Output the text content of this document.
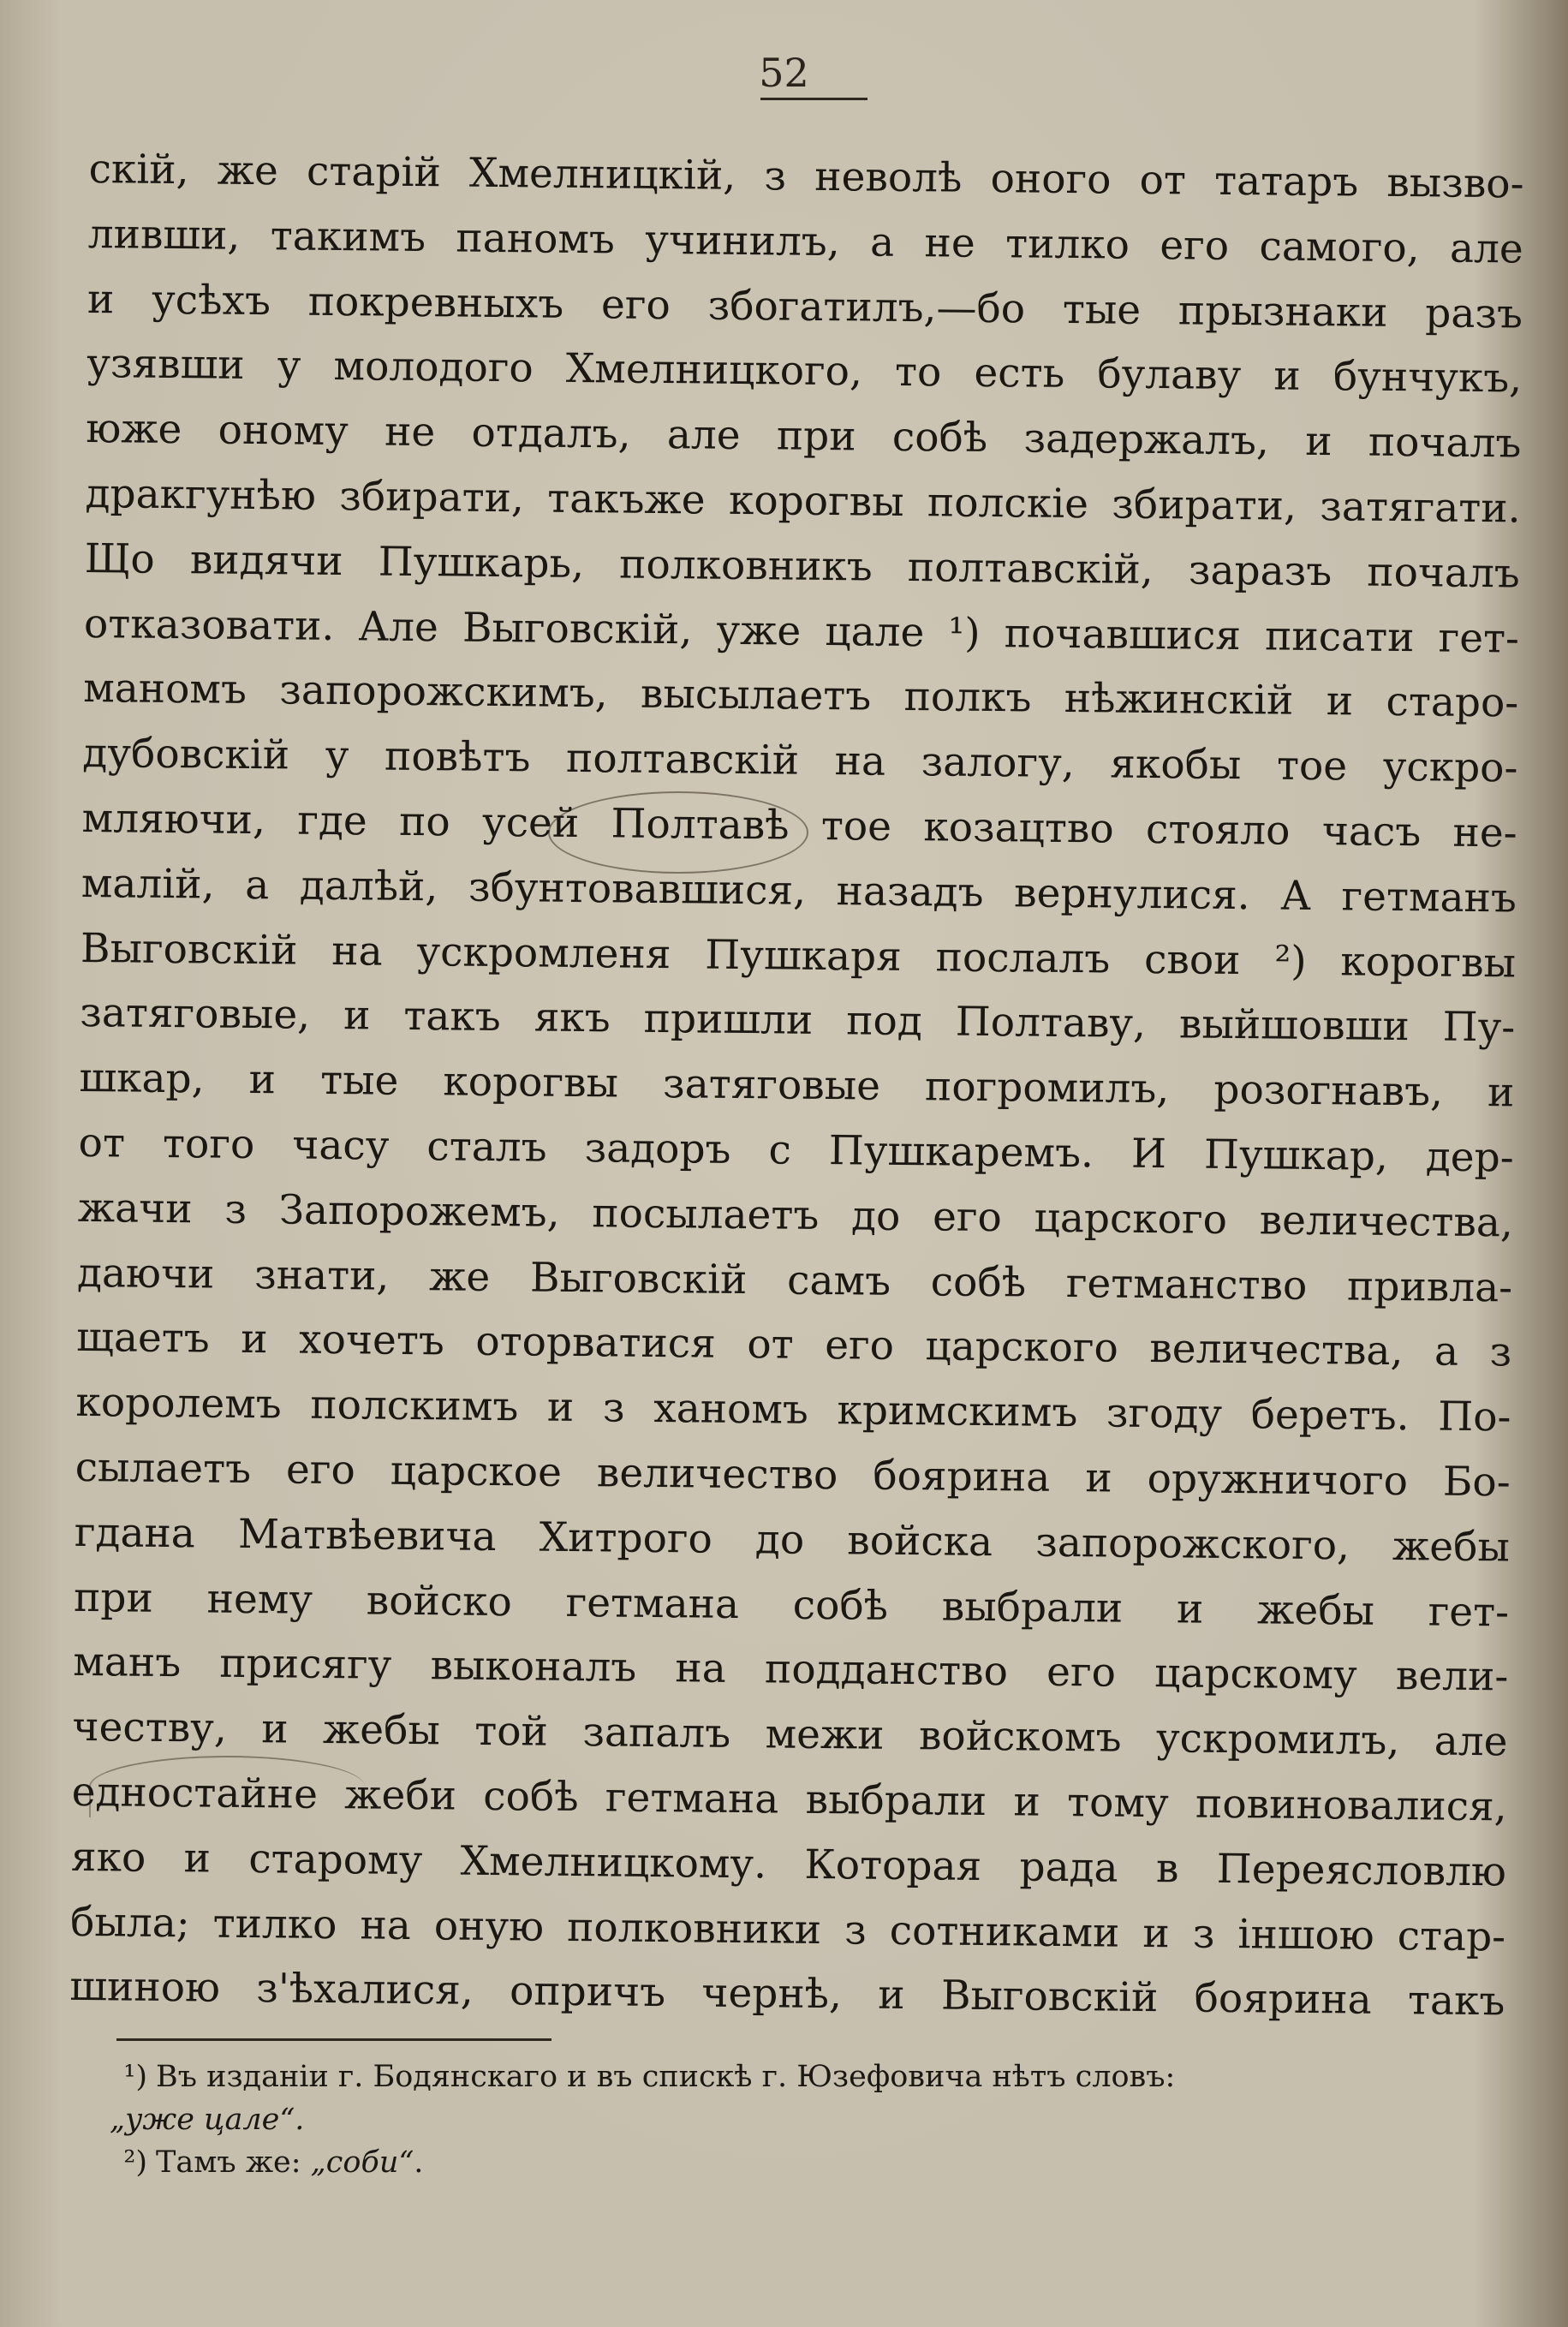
52
скій, же старій Хмелницкій, з неволѣ оного от татаръ вызво-
ливши, такимъ паномъ учинилъ, а не тилко его самого, але
и усѣхъ покревныхъ его збогатилъ,—бо тые прызнаки разъ
узявши у молодого Хмелницкого, то есть булаву и бунчукъ,
юже оному не отдалъ, але при собѣ задержалъ, и почалъ
дракгунѣю збирати, такъже корогвы полскіе збирати, затягати.
Що видячи Пушкарь, полковникъ полтавскій, заразъ почалъ
отказовати. Але Выговскій, уже цале ¹) почавшися писати гет-
маномъ запорожскимъ, высылаетъ полкъ нѣжинскій и старо-
дубовскій у повѣтъ полтавскій на залогу, якобы тое ускро-
мляючи, где по усей Полтавѣ тое козацтво стояло часъ не-
малій, а далѣй, збунтовавшися, назадъ вернулися. А гетманъ
Выговскій на ускромленя Пушкаря послалъ свои ²) корогвы
затяговые, и такъ якъ пришли под Полтаву, выйшовши Пу-
шкар, и тые корогвы затяговые погромилъ, розогнавъ, и
от того часу сталъ задоръ с Пушкаремъ. И Пушкар, дер-
жачи з Запорожемъ, посылаетъ до его царского величества,
даючи знати, же Выговскій самъ собѣ гетманство привла-
щаетъ и хочетъ оторватися от его царского величества, а з
королемъ полскимъ и з ханомъ кримскимъ згоду беретъ. По-
сылаетъ его царское величество боярина и оружничого Бо-
гдана Матвѣевича Хитрого до войска запорожского, жебы
при нему войско гетмана собѣ выбрали и жебы гет-
манъ присягу выконалъ на подданство его царскому вели-
честву, и жебы той запалъ межи войскомъ ускромилъ, але
едностайне жеби собѣ гетмана выбрали и тому повиновалися,
яко и старому Хмелницкому. Которая рада в Переясловлю
была; тилко на оную полковники з сотниками и з іншою стар-
шиною з'ѣхалися, опричъ чернѣ, и Выговскій боярина такъ
¹) Въ изданіи г. Бодянскаго и въ спискѣ г. Юзефовича нѣтъ словъ:
„уже цале“.
²) Тамъ же: „соби“.
